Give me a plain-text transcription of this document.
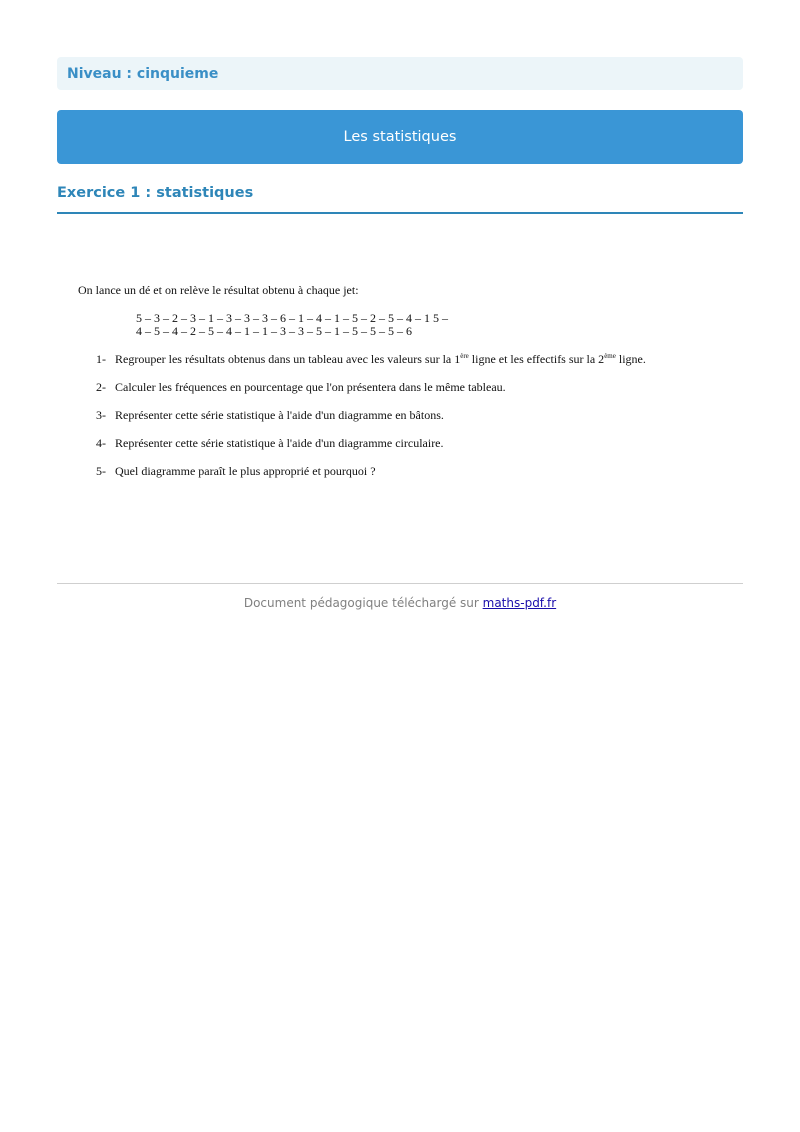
Niveau : cinquieme
Les statistiques
Exercice 1 : statistiques

On lance un dé et on relève le résultat obtenu à chaque jet:

5 – 3 – 2 – 3 – 1 – 3 – 3 – 3 – 6 – 1 – 4 – 1 – 5 – 2 – 5 – 4 – 1 5 –
4 – 5 – 4 – 2 – 5 – 4 – 1 – 1 – 3 – 3 – 5 – 1 – 5 – 5 – 5 – 6
1- Regrouper les résultats obtenus dans un tableau avec les valeurs sur la 1ère ligne et les effectifs sur la 2ème ligne.
2- Calculer les fréquences en pourcentage que l'on présentera dans le même tableau.
3- Représenter cette série statistique à l'aide d'un diagramme en bâtons.
4- Représenter cette série statistique à l'aide d'un diagramme circulaire.
5- Quel diagramme paraît le plus approprié et pourquoi ?
Document pédagogique téléchargé sur maths-pdf.fr
